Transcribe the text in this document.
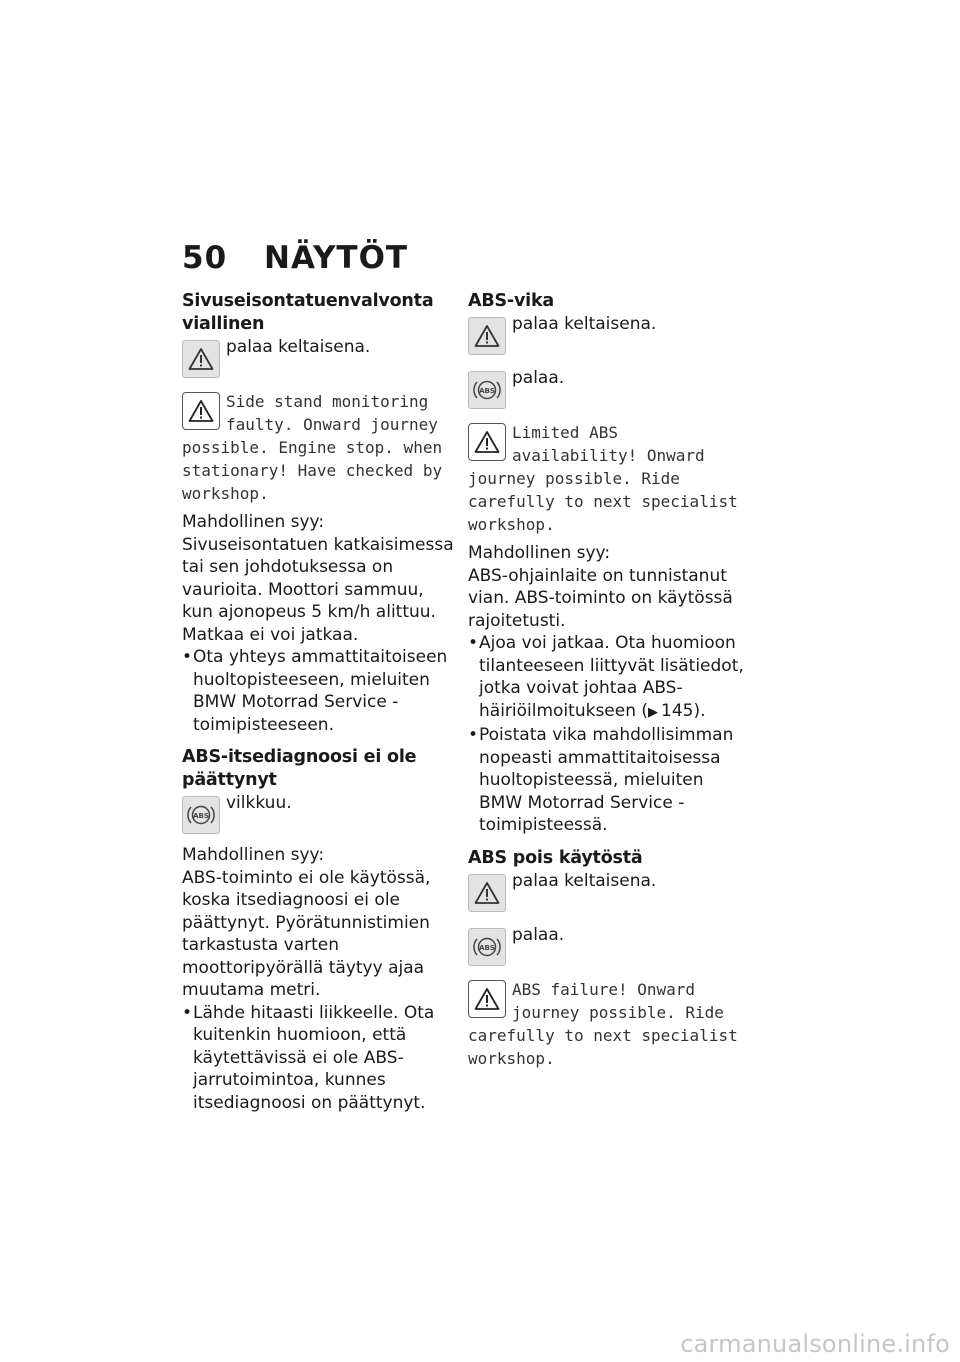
50 NÄYTÖT
Sivuseisontatuenvalvonta viallinen
palaa keltaisena.

Side stand monitoring faulty. Onward journey possible. Engine stop. when stationary! Have checked by workshop.

Mahdollinen syy:

Sivuseisontatuen katkaisimessa tai sen johdotuksessa on vaurioita. Moottori sammuu, kun ajonopeus 5 km/h alittuu. Matkaa ei voi jatkaa.

• Ota yhteys ammattitaitoiseen huoltopisteeseen, mieluiten BMW Motorrad Service -toimipisteeseen.
ABS-itsediagnoosi ei ole päättynyt
ABS
vilkkuu.

Mahdollinen syy:

ABS-toiminto ei ole käytössä, koska itsediagnoosi ei ole päättynyt. Pyörätunnistimien tarkastusta varten moottoripyörällä täytyy ajaa muutama metri.

• Lähde hitaasti liikkeelle. Ota kuitenkin huomioon, että käytettävissä ei ole ABS-jarrutoimintoa, kunnes itsediagnoosi on päättynyt.
ABS-vika
palaa keltaisena.
ABS
palaa.

Limited ABS availability! Onward journey possible. Ride carefully to next specialist workshop.

Mahdollinen syy:

ABS-ohjainlaite on tunnistanut vian. ABS-toiminto on käytössä rajoitetusti.

• Ajoa voi jatkaa. Ota huomioon tilanteeseen liittyvät lisätiedot, jotka voivat johtaa ABS-häiriöilmoitukseen (▶ 145).
• Poistata vika mahdollisimman nopeasti ammattitaitoisessa huoltopisteessä, mieluiten BMW Motorrad Service -toimipisteessä.
ABS pois käytöstä
palaa keltaisena.
ABS
palaa.

ABS failure! Onward journey possible. Ride carefully to next specialist workshop.

carmanualsonline.info
